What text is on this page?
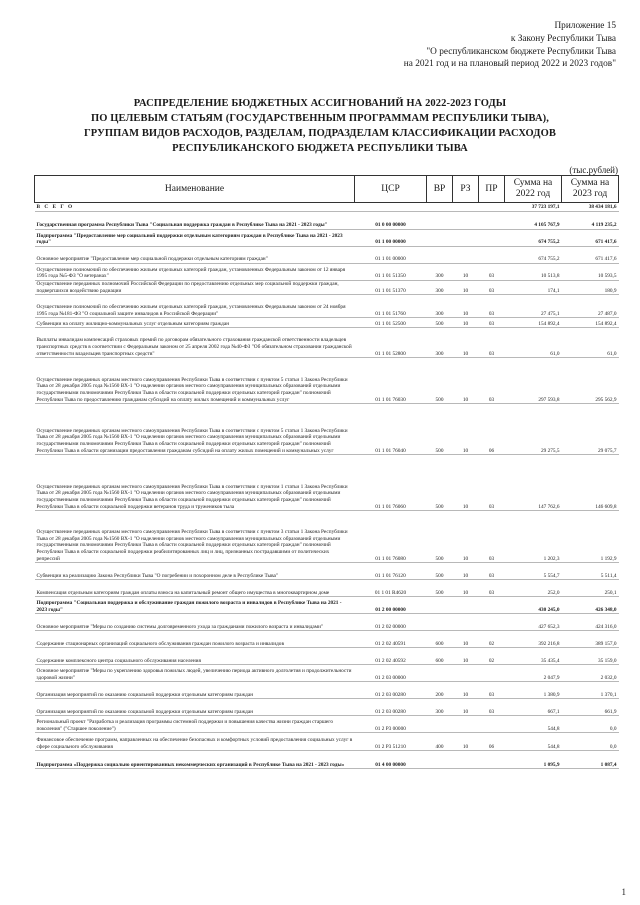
Приложение 15
к Закону Республики Тыва
"О республиканском бюджете Республики Тыва
на 2021 год и на плановый период 2022 и 2023 годов"
РАСПРЕДЕЛЕНИЕ БЮДЖЕТНЫХ АССИГНОВАНИЙ НА 2022-2023 ГОДЫ
ПО ЦЕЛЕВЫМ СТАТЬЯМ (ГОСУДАРСТВЕННЫМ ПРОГРАММАМ РЕСПУБЛИКИ ТЫВА),
ГРУППАМ ВИДОВ РАСХОДОВ, РАЗДЕЛАМ, ПОДРАЗДЕЛАМ КЛАССИФИКАЦИИ РАСХОДОВ
РЕСПУБЛИКАНСКОГО БЮДЖЕТА РЕСПУБЛИКИ ТЫВА
(тыс.рублей)
Наименование	ЦСР	ВР	РЗ	ПР	Сумма на 2022 год	Сумма на 2023 год
В С Е Г О					37 723 197,1	38 434 181,6
Государственная программа Республики Тыва "Социальная поддержка граждан в Республике Тыва на 2021 - 2023 годы"	01 0 00 00000				4 105 767,9	4 119 235,2
Подпрограмма "Предоставление мер социальной поддержки отдельным категориям граждан в Республике Тыва на 2021 - 2023 годы"	01 1 00 00000				674 755,2	671 417,6
Основное мероприятие "Предоставление мер социальной поддержки отдельным категориям граждан"	01 1 01 00000				674 755,2	671 417,6
Осуществление полномочий по обеспечению жильем отдельных категорий граждан, установленных Федеральным законом от 12 января 1995 года №5-ФЗ "О ветеранах"	01 1 01 51350	300	10	03	10 513,8	10 593,5
Осуществление переданных полномочий Российской Федерации по предоставлению отдельных мер социальной поддержки граждан, подвергшихся воздействию радиации	01 1 01 51370	300	10	03	174,1	180,9
Осуществление полномочий по обеспечению жильем отдельных категорий граждан, установленных Федеральным законом от 24 ноября 1995 года №181-ФЗ "О социальной защите инвалидов в Российской Федерации"	01 1 01 51760	300	10	03	27 475,1	27 487,0
Субвенции на оплату жилищно-коммунальных услуг отдельным категориям граждан	01 1 01 52500	500	10	03	154 892,4	154 892,4
Выплаты инвалидам компенсаций страховых премий по договорам обязательного страхования гражданской ответственности владельцев транспортных средств в соответствии с Федеральным законом от 25 апреля 2002 года №40-ФЗ "Об обязательном страховании гражданской ответственности владельцев транспортных средств"	01 1 01 52800	300	10	03	61,0	61,0
Осуществление переданных органам местного самоуправления Республики Тыва в соответствии с пунктом 5 статьи 1 Закона Республики Тыва от 28 декабря 2005 года №1560 ВХ-1 "О наделении органов местного самоуправления муниципальных образований отдельными государственными полномочиями Республики Тыва в области социальной поддержки отдельных категорий граждан" полномочий Республики Тыва по предоставлению гражданам субсидий на оплату жилых помещений и коммунальных услуг	01 1 01 76030	500	10	03	297 593,8	295 562,9
Осуществление переданных органам местного самоуправления Республики Тыва в соответствии с пунктом 5 статьи 1 Закона Республики Тыва от 28 декабря 2005 года №1560 ВХ-1 "О наделении органов местного самоуправления муниципальных образований отдельными государственными полномочиями Республики Тыва в области социальной поддержки отдельных категорий граждан" полномочий Республики Тыва в области организации предоставления гражданам субсидий на оплату жилых помещений и коммунальных услуг	01 1 01 76040	500	10	06	29 275,5	29 075,7
Осуществление переданных органам местного самоуправления Республики Тыва в соответствии с пунктом 1 статьи 1 Закона Республики Тыва от 28 декабря 2005 года №1560 ВХ-1 "О наделении органов местного самоуправления муниципальных образований отдельными государственными полномочиями Республики Тыва в области социальной поддержки отдельных категорий граждан" полномочий Республики Тыва в области социальной поддержки ветеранов труда и тружеников тыла	01 1 01 76060	500	10	03	147 762,6	146 609,8
Осуществление переданных органам местного самоуправления Республики Тыва в соответствии с пунктом 3 статьи 1 Закона Республики Тыва от 28 декабря 2005 года №1560 ВХ-1 "О наделении органов местного самоуправления муниципальных образований отдельными государственными полномочиями Республики Тыва в области социальной поддержки отдельных категорий граждан" полномочий Республики Тыва в области социальной поддержки реабилитированных лиц и лиц, признанных пострадавшими от политических репрессий	01 1 01 76080	500	10	03	1 202,3	1 192,9
Субвенции на реализацию Закона Республики Тыва "О погребении и похоронном деле в Республике Тыва"	01 1 01 76120	500	10	03	5 554,7	5 511,4
Компенсация отдельным категориям граждан оплаты взноса на капитальный ремонт общего имущества в многоквартирном доме	01 1 01 R4620	500	10	03	252,0	250,1
Подпрограмма "Социальная поддержка и обслуживание граждан пожилого возраста и инвалидов в Республике Тыва на 2021 - 2023 годы"	01 2 00 00000				430 245,0	426 348,0
Основное мероприятие "Меры по созданию системы долговременного ухода за гражданами пожилого возраста и инвалидами"	01 2 02 00000				427 652,3	424 316,0
Содержание стационарных организаций социального обслуживания граждан пожилого возраста и инвалидов	01 2 02 40591	600	10	02	392 216,8	389 157,0
Содержание комплексного центра социального обслуживания населения	01 2 02 40592	600	10	02	35 435,4	35 159,0
Основное мероприятие "Меры по укреплению здоровья пожилых людей, увеличению периода активного долголетия и продолжительности здоровой жизни"	01 2 03 00000				2 047,9	2 032,0
Организация мероприятий по оказанию социальной поддержки отдельным категориям граждан	01 2 03 00280	200	10	03	1 380,9	1 370,1
Организация мероприятий по оказанию социальной поддержки отдельным категориям граждан	01 2 03 00280	300	10	03	667,1	661,9
Региональный проект "Разработка и реализация программы системной поддержки и повышения качества жизни граждан старшего поколения" ("Старшее поколение")	01 2 P3 00000				544,8	0,0
Финансовое обеспечение программ, направленных на обеспечение безопасных и комфортных условий предоставления социальных услуг в сфере социального обслуживания	01 2 P3 51210	400	10	06	544,8	0,0
Подпрограмма «Поддержка социально ориентированных некоммерческих организаций в Республике Тыва на 2021 - 2023 годы»	01 4 00 00000				1 095,9	1 087,4
1
